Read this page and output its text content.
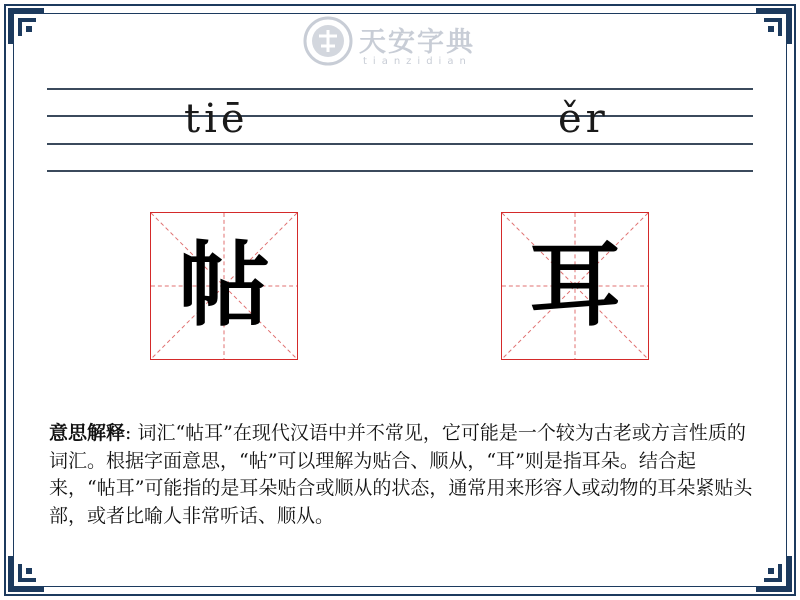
天安字典
tianzidian
tiē	ěr
帖	耳
意思解释: 词汇“帖耳”在现代汉语中并不常见，它可能是一个较为古老或方言性质的词汇。根据字面意思，“帖”可以理解为贴合、顺从，“耳”则是指耳朵。结合起来，“帖耳”可能指的是耳朵贴合或顺从的状态，通常用来形容人或动物的耳朵紧贴头部，或者比喻人非常听话、顺从。
